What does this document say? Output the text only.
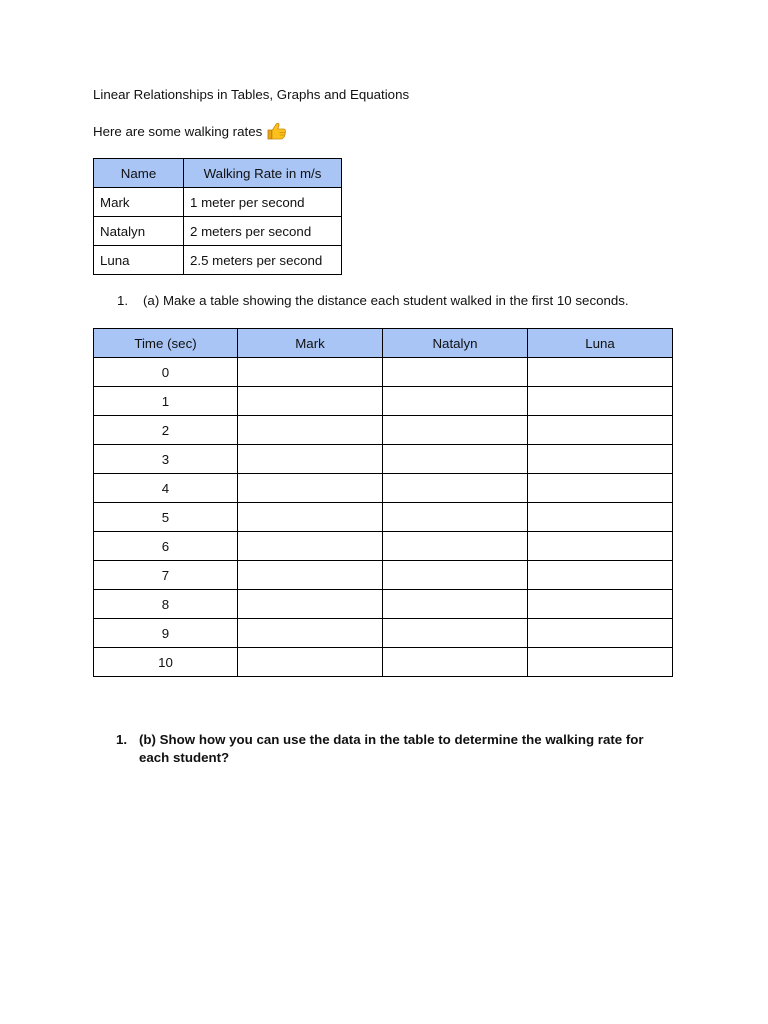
Linear Relationships in Tables, Graphs and Equations
Here are some walking rates
Name	Walking Rate in m/s
Mark	1 meter per second
Natalyn	2 meters per second
Luna	2.5 meters per second
1. (a) Make a table showing the distance each student walked in the first 10 seconds.
Time (sec)	Mark	Natalyn	Luna
0			
1			
2			
3			
4			
5			
6			
7			
8			
9			
10			
1. (b) Show how you can use the data in the table to determine the walking rate for each student?
